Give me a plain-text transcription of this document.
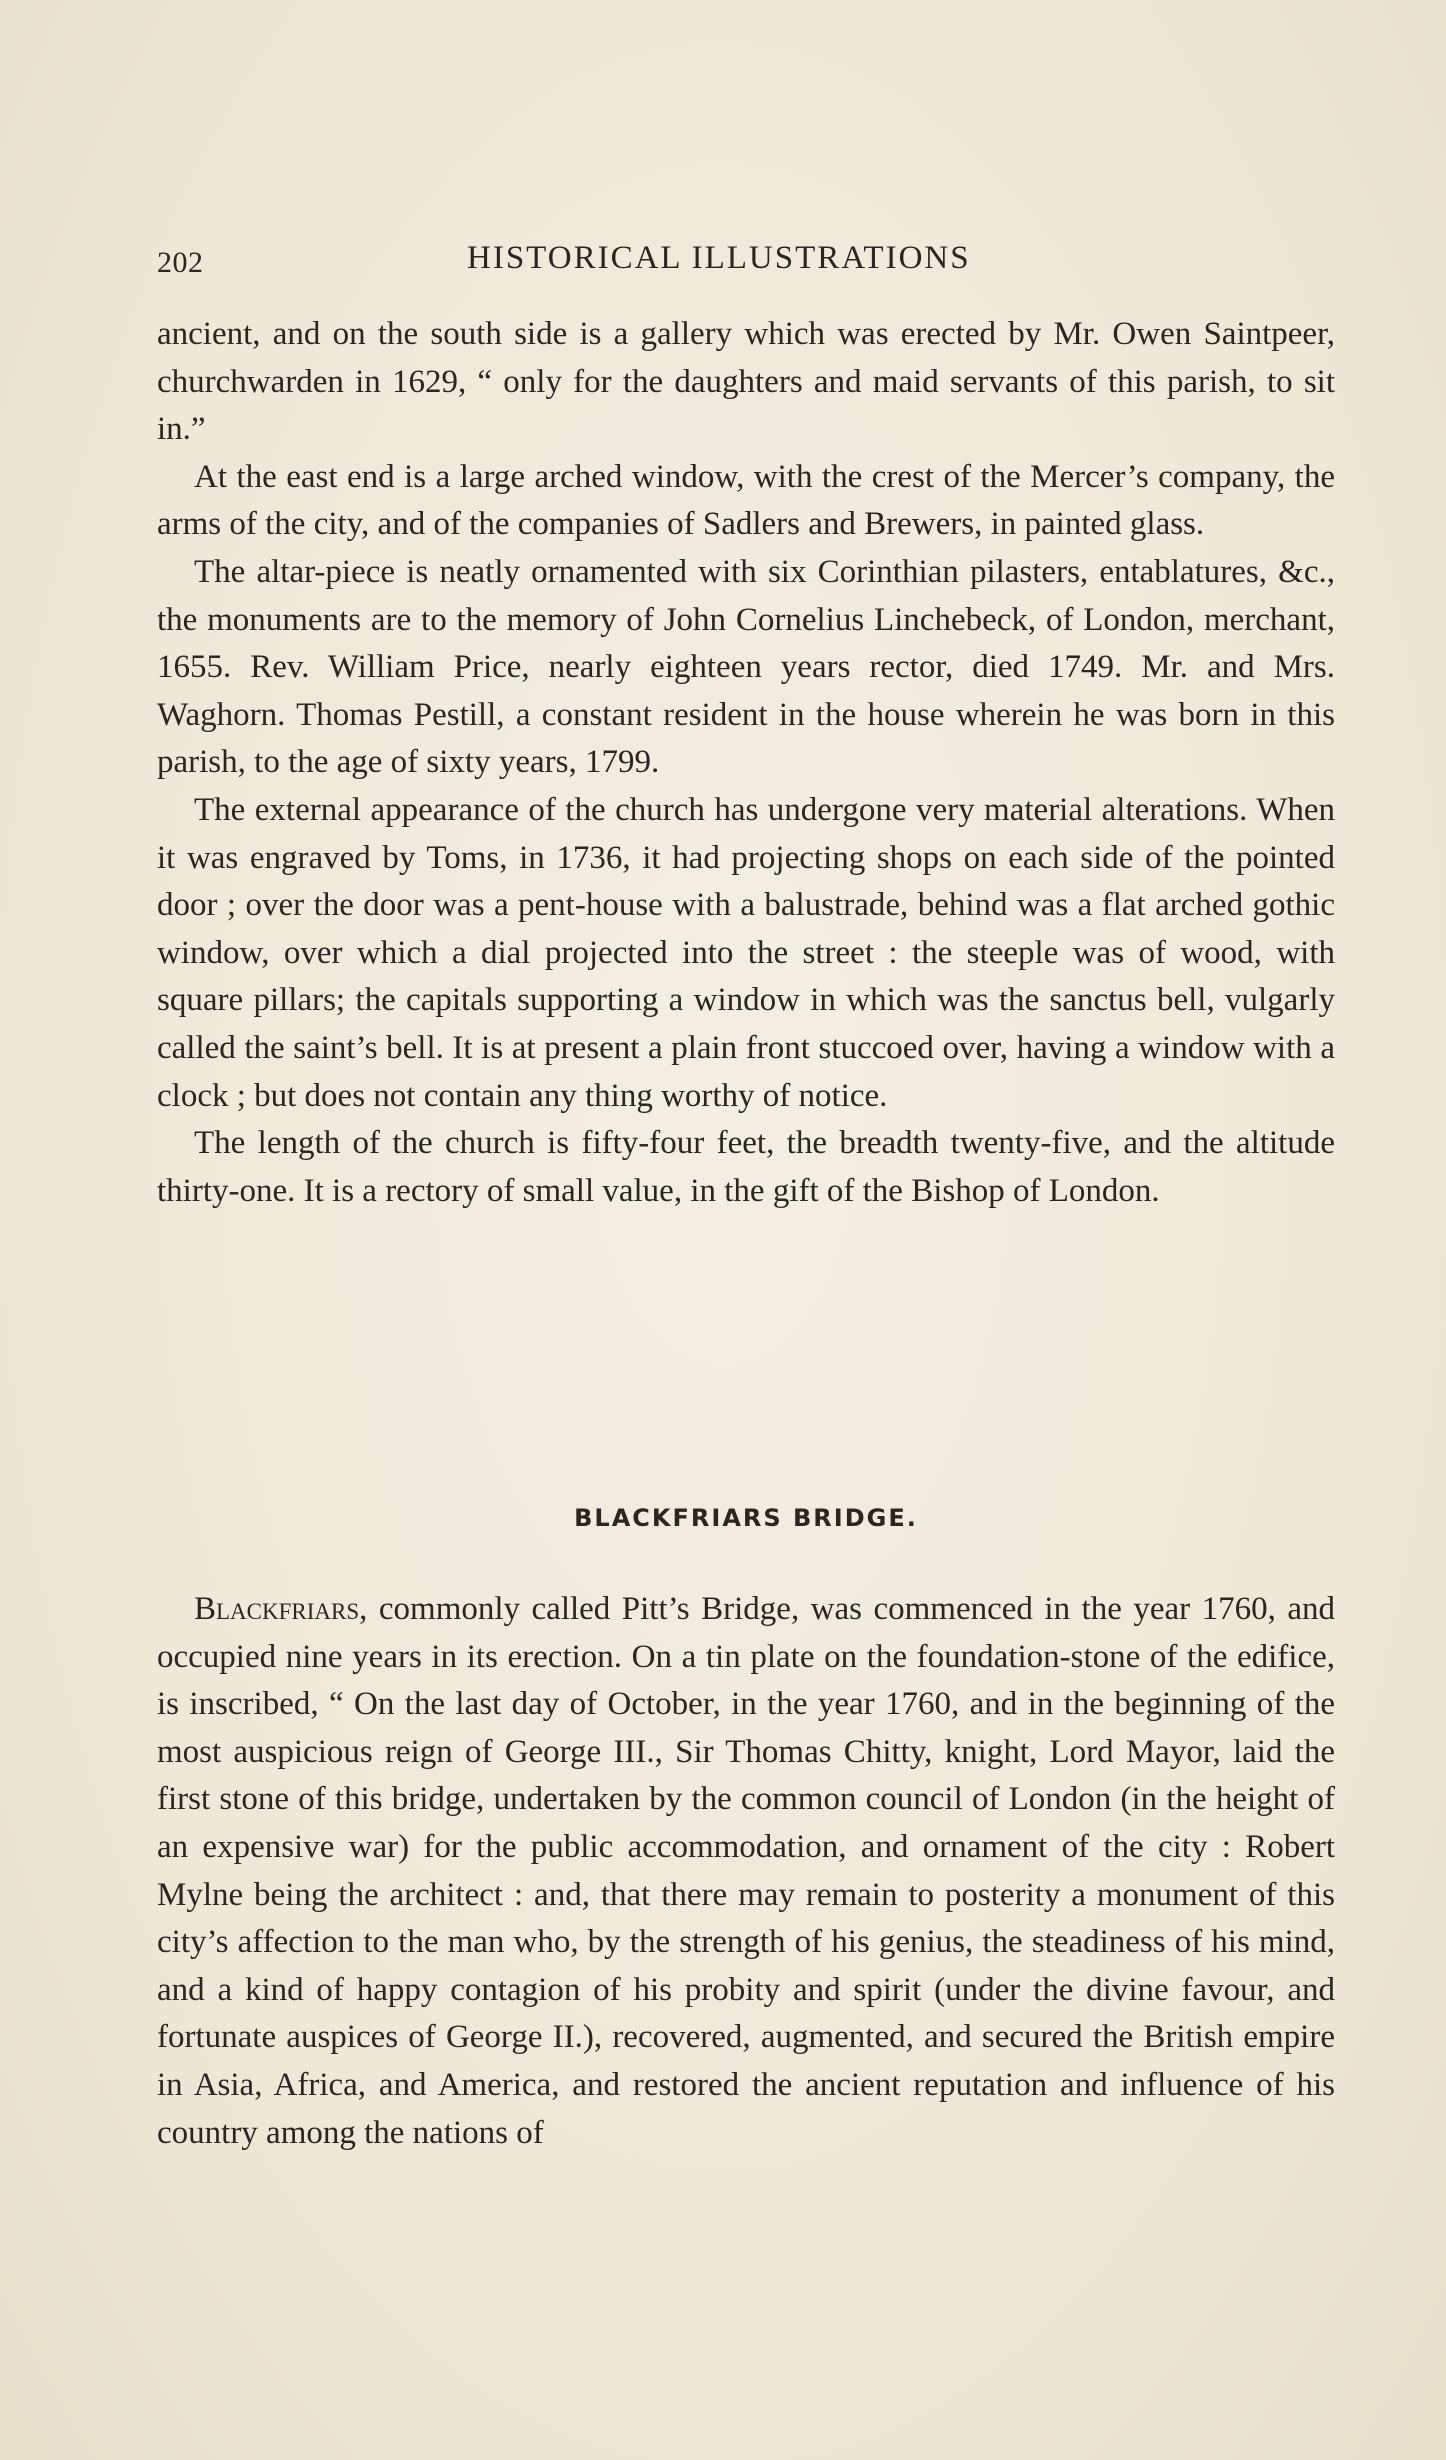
202	HISTORICAL ILLUSTRATIONS

ancient, and on the south side is a gallery which was erected by Mr. Owen Saintpeer, churchwarden in 1629, “ only for the daughters and maid servants of this parish, to sit in.”

At the east end is a large arched window, with the crest of the Mercer’s company, the arms of the city, and of the companies of Sadlers and Brewers, in painted glass.

The altar-piece is neatly ornamented with six Corinthian pilasters, entablatures, &c., the monuments are to the memory of John Cornelius Linchebeck, of London, merchant, 1655. Rev. William Price, nearly eighteen years rector, died 1749. Mr. and Mrs. Waghorn. Thomas Pestill, a constant resident in the house wherein he was born in this parish, to the age of sixty years, 1799.

The external appearance of the church has undergone very material alterations. When it was engraved by Toms, in 1736, it had projecting shops on each side of the pointed door ; over the door was a pent-house with a balustrade, behind was a flat arched gothic window, over which a dial projected into the street : the steeple was of wood, with square pillars; the capitals supporting a window in which was the sanctus bell, vulgarly called the saint’s bell. It is at present a plain front stuccoed over, having a window with a clock ; but does not contain any thing worthy of notice.

The length of the church is fifty-four feet, the breadth twenty-five, and the altitude thirty-one. It is a rectory of small value, in the gift of the Bishop of London.

BLACKFRIARS BRIDGE.

Blackfriars, commonly called Pitt’s Bridge, was commenced in the year 1760, and occupied nine years in its erection. On a tin plate on the foundation-stone of the edifice, is inscribed, “ On the last day of October, in the year 1760, and in the beginning of the most auspicious reign of George III., Sir Thomas Chitty, knight, Lord Mayor, laid the first stone of this bridge, undertaken by the common council of London (in the height of an expensive war) for the public accommodation, and ornament of the city : Robert Mylne being the architect : and, that there may remain to posterity a monument of this city’s affection to the man who, by the strength of his genius, the steadiness of his mind, and a kind of happy contagion of his probity and spirit (under the divine favour, and fortunate auspices of George II.), recovered, augmented, and secured the British empire in Asia, Africa, and America, and restored the ancient reputation and influence of his country among the nations of
